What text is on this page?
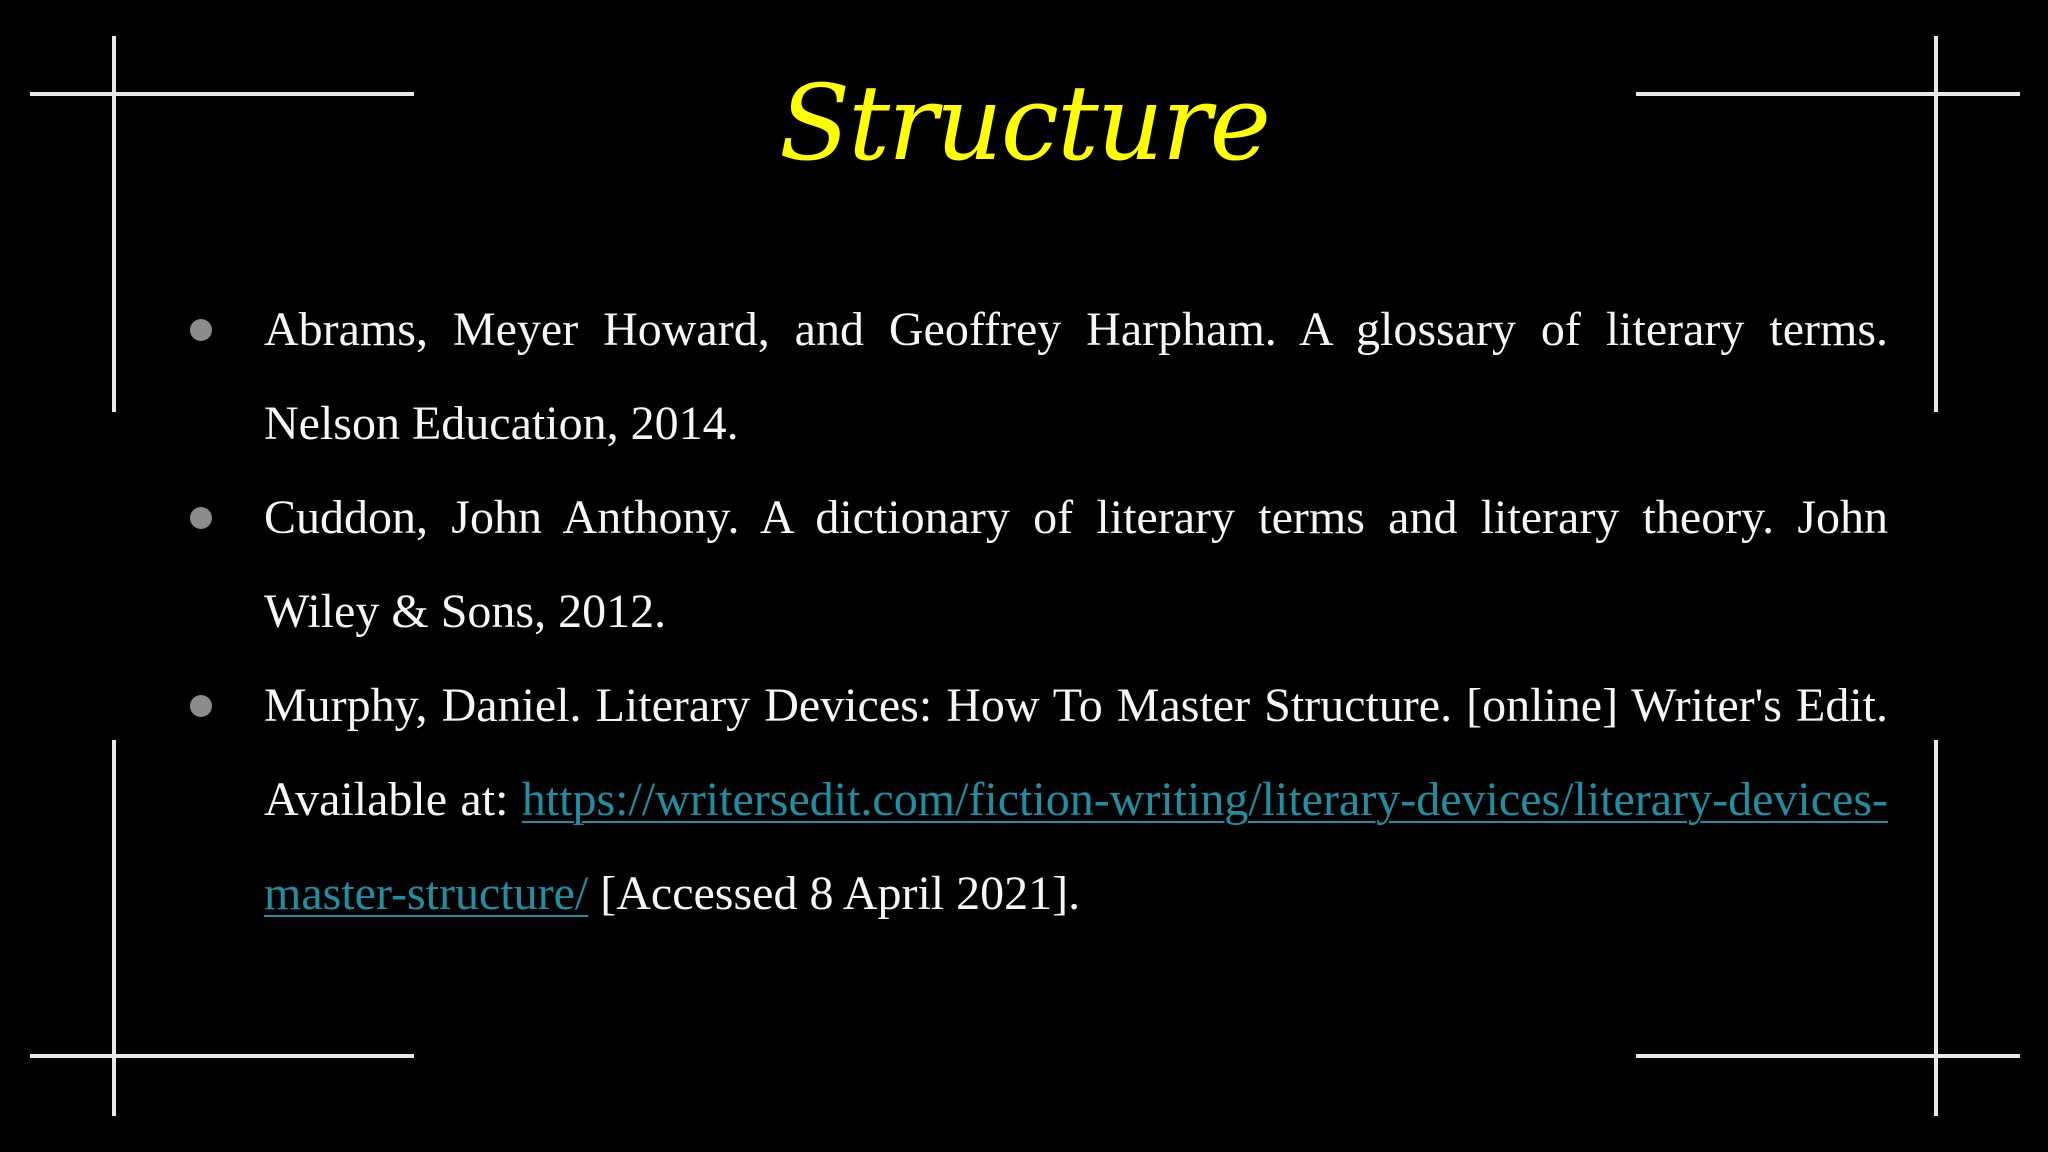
Structure
Abrams, Meyer Howard, and Geoffrey Harpham. A glossary of literary terms. Nelson Education, 2014.
Cuddon, John Anthony. A dictionary of literary terms and literary theory. John Wiley & Sons, 2012.
Murphy, Daniel. Literary Devices: How To Master Structure. [online] Writer's Edit. Available at: https://writersedit.com/fiction-writing/literary-devices/literary-devices-master-structure/ [Accessed 8 April 2021].
